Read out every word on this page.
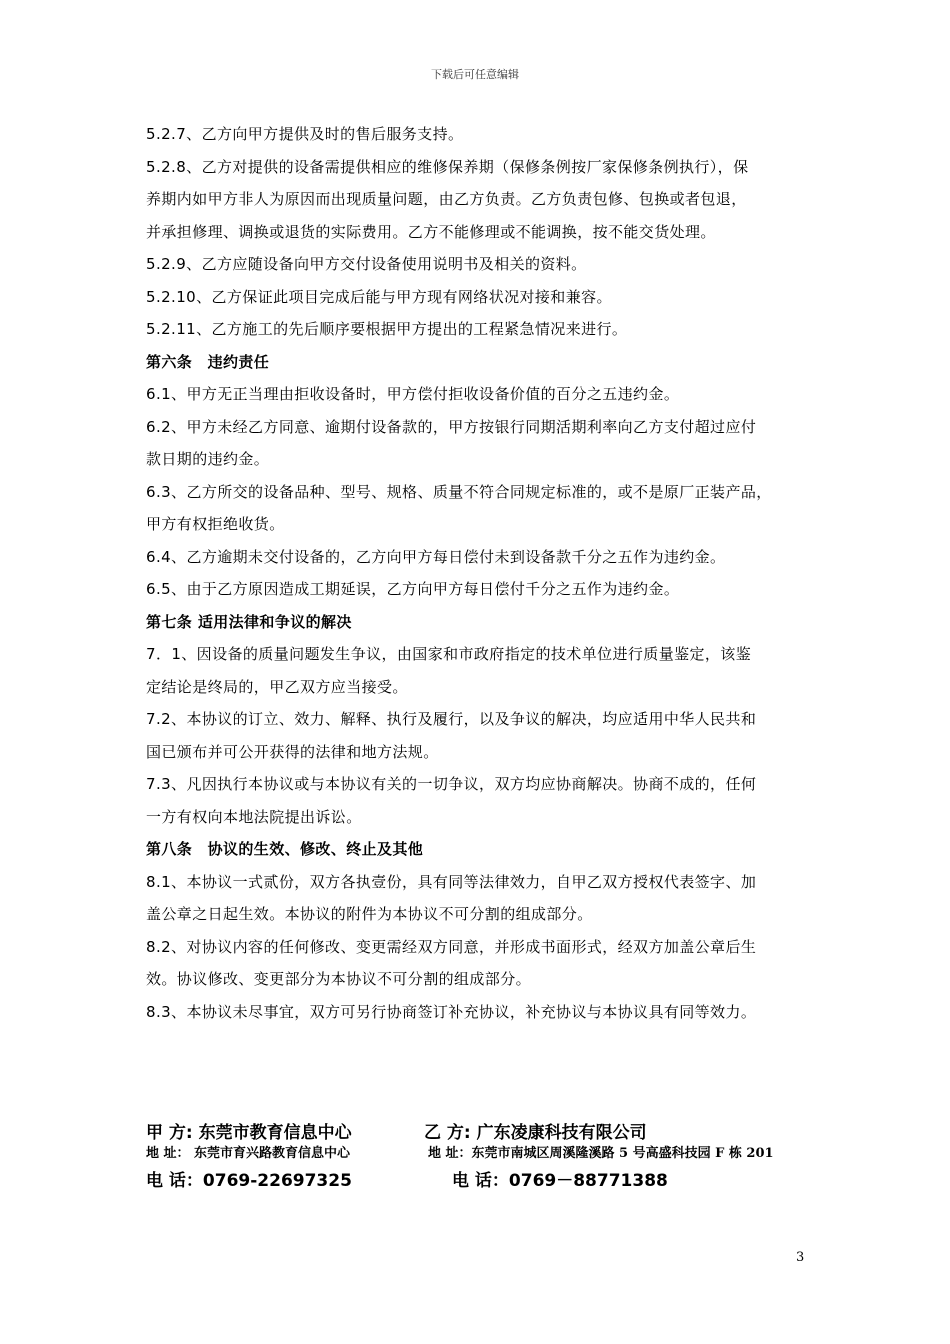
下载后可任意编辑
5.2.7、乙方向甲方提供及时的售后服务支持。
5.2.8、乙方对提供的设备需提供相应的维修保养期（保修条例按厂家保修条例执行），保
养期内如甲方非人为原因而出现质量问题，由乙方负责。乙方负责包修、包换或者包退，
并承担修理、调换或退货的实际费用。乙方不能修理或不能调换，按不能交货处理。
5.2.9、乙方应随设备向甲方交付设备使用说明书及相关的资料。
5.2.10、乙方保证此项目完成后能与甲方现有网络状况对接和兼容。
5.2.11、乙方施工的先后顺序要根据甲方提出的工程紧急情况来进行。
第六条　违约责任
6.1、甲方无正当理由拒收设备时，甲方偿付拒收设备价值的百分之五违约金。
6.2、甲方未经乙方同意、逾期付设备款的，甲方按银行同期活期利率向乙方支付超过应付
款日期的违约金。
6.3、乙方所交的设备品种、型号、规格、质量不符合同规定标准的，或不是原厂正装产品，
甲方有权拒绝收货。
6.4、乙方逾期未交付设备的，乙方向甲方每日偿付未到设备款千分之五作为违约金。
6.5、由于乙方原因造成工期延误，乙方向甲方每日偿付千分之五作为违约金。
第七条 适用法律和争议的解决
7．1、因设备的质量问题发生争议，由国家和市政府指定的技术单位进行质量鉴定，该鉴
定结论是终局的，甲乙双方应当接受。
7.2、本协议的订立、效力、解释、执行及履行，以及争议的解决，均应适用中华人民共和
国已颁布并可公开获得的法律和地方法规。
7.3、凡因执行本协议或与本协议有关的一切争议，双方均应协商解决。协商不成的，任何
一方有权向本地法院提出诉讼。
第八条　协议的生效、修改、终止及其他
8.1、本协议一式贰份，双方各执壹份，具有同等法律效力，自甲乙双方授权代表签字、加
盖公章之日起生效。本协议的附件为本协议不可分割的组成部分。
8.2、对协议内容的任何修改、变更需经双方同意，并形成书面形式，经双方加盖公章后生
效。协议修改、变更部分为本协议不可分割的组成部分。
8.3、本协议未尽事宜，双方可另行协商签订补充协议，补充协议与本协议具有同等效力。
甲 方: 东莞市教育信息中心	乙 方: 广东凌康科技有限公司
地 址： 东莞市育兴路教育信息中心	地 址：东莞市南城区周溪隆溪路 5 号高盛科技园 F 栋 201
电 话：0769-22697325	电 话：0769－88771388
3
